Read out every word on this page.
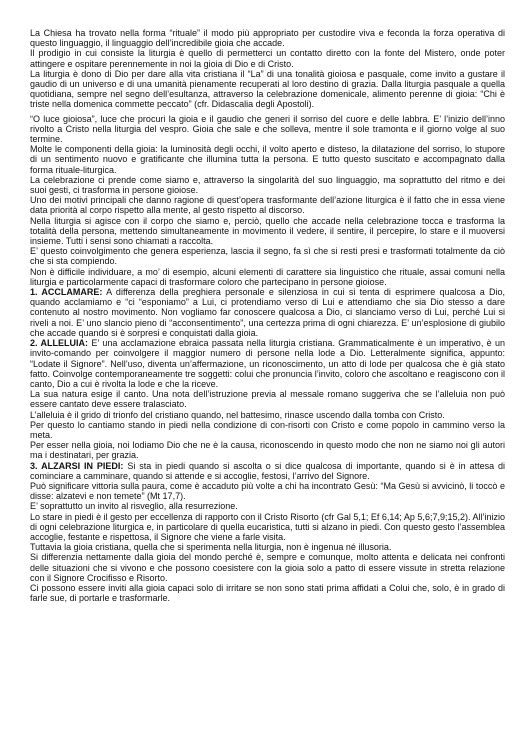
La Chiesa ha trovato nella forma “rituale” il modo più appropriato per custodire viva e feconda la forza operativa di questo linguaggio, il linguaggio dell’incredibile gioia che accade.

Il prodigio in cui consiste la liturgia è quello di permetterci un contatto diretto con la fonte del Mistero, onde poter attingere e ospitare perennemente in noi la gioia di Dio e di Cristo.

La liturgia è dono di Dio per dare alla vita cristiana il “La” di una tonalità gioiosa e pasquale, come invito a gustare il gaudio di un universo e di una umanità pienamente recuperati al loro destino di grazia. Dalla liturgia pasquale a quella quotidiana, sempre nel segno dell’esultanza, attraverso la celebrazione domenicale, alimento perenne di gioia: “Chi è triste nella domenica commette peccato” (cfr. Didascalia degli Apostoli).

“O luce gioiosa”, luce che procuri la gioia e il gaudio che generi il sorriso del cuore e delle labbra. E’ l’inizio dell’inno rivolto a Cristo nella liturgia del vespro. Gioia che sale e che solleva, mentre il sole tramonta e il giorno volge al suo termine.

Molte le componenti della gioia: la luminosità degli occhi, il volto aperto e disteso, la dilatazione del sorriso, lo stupore di un sentimento nuovo e gratificante che illumina tutta la persona. E tutto questo suscitato e accompagnato dalla forma rituale-liturgica.

La celebrazione ci prende come siamo e, attraverso la singolarità del suo linguaggio, ma soprattutto del ritmo e dei suoi gesti, ci trasforma in persone gioiose.

Uno dei motivi principali che danno ragione di quest’opera trasformante dell’azione liturgica è il fatto che in essa viene data priorità al corpo rispetto alla mente, al gesto rispetto al discorso.

Nella liturgia si agisce con il corpo che siamo e, perciò, quello che accade nella celebrazione tocca e trasforma la totalità della persona, mettendo simultaneamente in movimento il vedere, il sentire, il percepire, lo stare e il muoversi insieme. Tutti i sensi sono chiamati a raccolta.

E’ questo coinvolgimento che genera esperienza, lascia il segno, fa sì che si resti presi e trasformati totalmente da ciò che si sta compiendo.

Non è difficile individuare, a mo’ di esempio, alcuni elementi di carattere sia linguistico che rituale, assai comuni nella liturgia e particolarmente capaci di trasformare coloro che partecipano in persone gioiose.

1. ACCLAMARE: A differenza della preghiera personale e silenziosa in cui si tenta di esprimere qualcosa a Dio, quando acclamiamo e “ci “esponiamo” a Lui, ci protendiamo verso di Lui e attendiamo che sia Dio stesso a dare contenuto al nostro movimento. Non vogliamo far conoscere qualcosa a Dio, ci slanciamo verso di Lui, perché Lui si riveli a noi. E’ uno slancio pieno di “acconsentimento”, una certezza prima di ogni chiarezza. E’ un’esplosione di giubilo che accade quando si è sorpresi e conquistati dalla gioia.

2. ALLELUIA: E’ una acclamazione ebraica passata nella liturgia cristiana. Grammaticalmente è un imperativo, è un invito-comando per coinvolgere il maggior numero di persone nella lode a Dio. Letteralmente significa, appunto: “Lodate il Signore”. Nell’uso, diventa un’affermazione, un riconoscimento, un atto di lode per qualcosa che è già stato fatto. Coinvolge contemporaneamente tre soggetti: colui che pronuncia l’invito, coloro che ascoltano e reagiscono con il canto, Dio a cui è rivolta la lode e che la riceve.

La sua natura esige il canto. Una nota dell’istruzione previa al messale romano suggeriva che se l’alleluia non può essere cantato deve essere tralasciato.

L’alleluia è il grido di trionfo del cristiano quando, nel battesimo, rinasce uscendo dalla tomba con Cristo.

Per questo lo cantiamo stando in piedi nella condizione di con-risorti con Cristo e come popolo in cammino verso la meta.

Per esser nella gioia, noi lodiamo Dio che ne è la causa, riconoscendo in questo modo che non ne siamo noi gli autori ma i destinatari, per grazia.

3. ALZARSI IN PIEDI: Si sta in piedi quando si ascolta o si dice qualcosa di importante, quando si è in attesa di cominciare a camminare, quando si attende e si accoglie, festosi, l’arrivo del Signore.

Può significare vittoria sulla paura, come è accaduto più volte a chi ha incontrato Gesù: “Ma Gesù si avvicinò, li toccò e disse: alzatevi e non temete” (Mt 17,7).

E’ soprattutto un invito al risveglio, alla resurrezione.

Lo stare in piedi è il gesto per eccellenza di rapporto con il Cristo Risorto (cfr Gal 5,1; Ef 6,14; Ap 5,6;7,9;15,2). All’inizio di ogni celebrazione liturgica e, in particolare di quella eucaristica, tutti si alzano in piedi. Con questo gesto l’assemblea accoglie, festante e rispettosa, il Signore che viene a farle visita.

Tuttavia la gioia cristiana, quella che si sperimenta nella liturgia, non è ingenua né illusoria.

Si differenzia nettamente dalla gioia del mondo perché è, sempre e comunque, molto attenta e delicata nei confronti delle situazioni che si vivono e che possono coesistere con la gioia solo a patto di essere vissute in stretta relazione con il Signore Crocifisso e Risorto.

Ci possono essere inviti alla gioia capaci solo di irritare se non sono stati prima affidati a Colui che, solo, è in grado di farle sue, di portarle e trasformarle.
